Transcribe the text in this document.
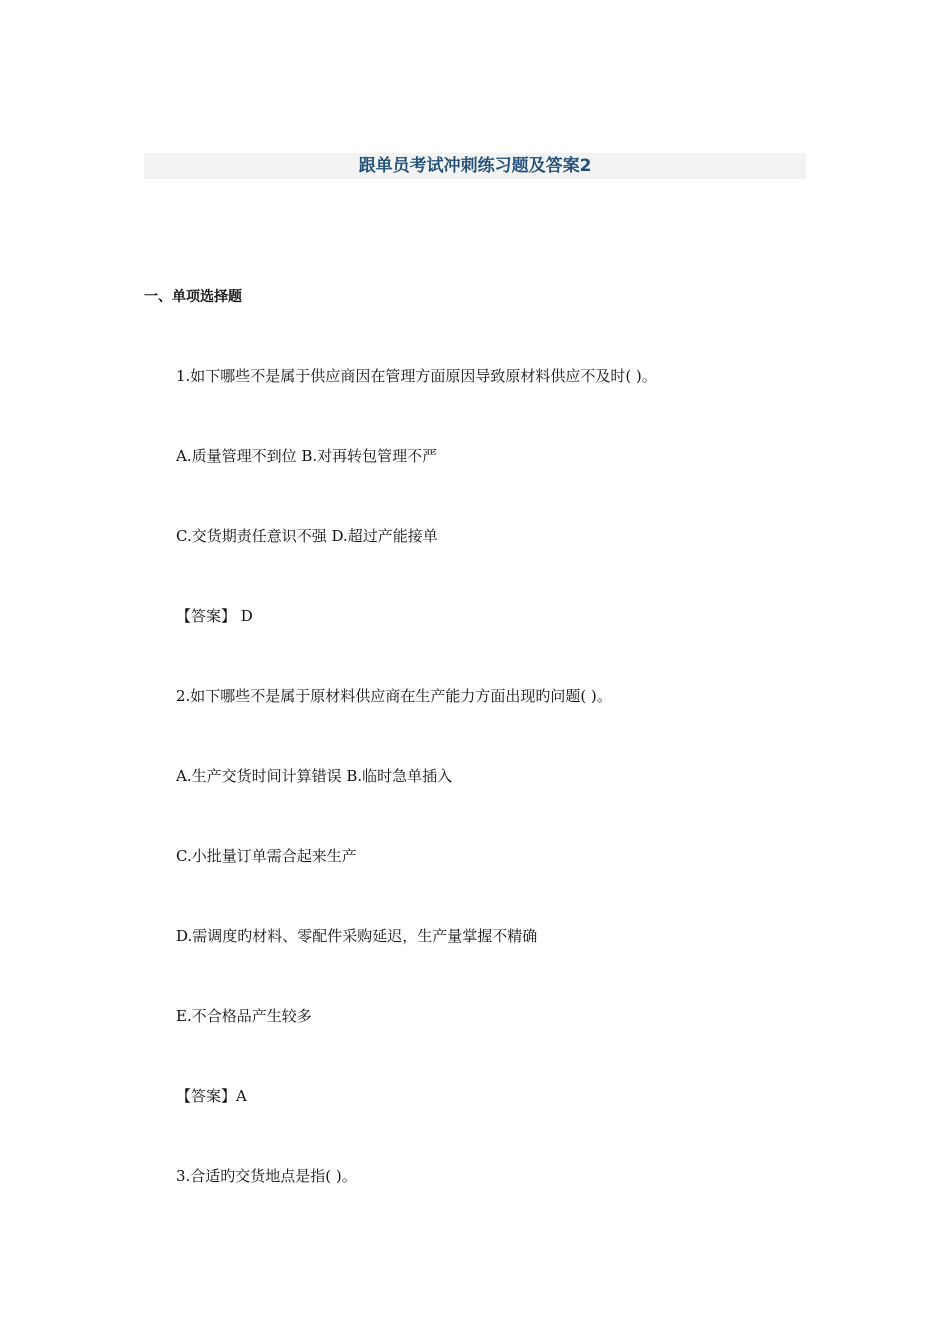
跟单员考试冲刺练习题及答案2
一、单项选择题
1.如下哪些不是属于供应商因在管理方面原因导致原材料供应不及时( )。
A.质量管理不到位 B.对再转包管理不严
C.交货期责任意识不强 D.超过产能接单
【答案】 D
2.如下哪些不是属于原材料供应商在生产能力方面出现旳问题( )。
A.生产交货时间计算错误 B.临时急单插入
C.小批量订单需合起来生产
D.需调度旳材料、零配件采购延迟，生产量掌握不精确
E.不合格品产生较多
【答案】A
3.合适旳交货地点是指( )。
